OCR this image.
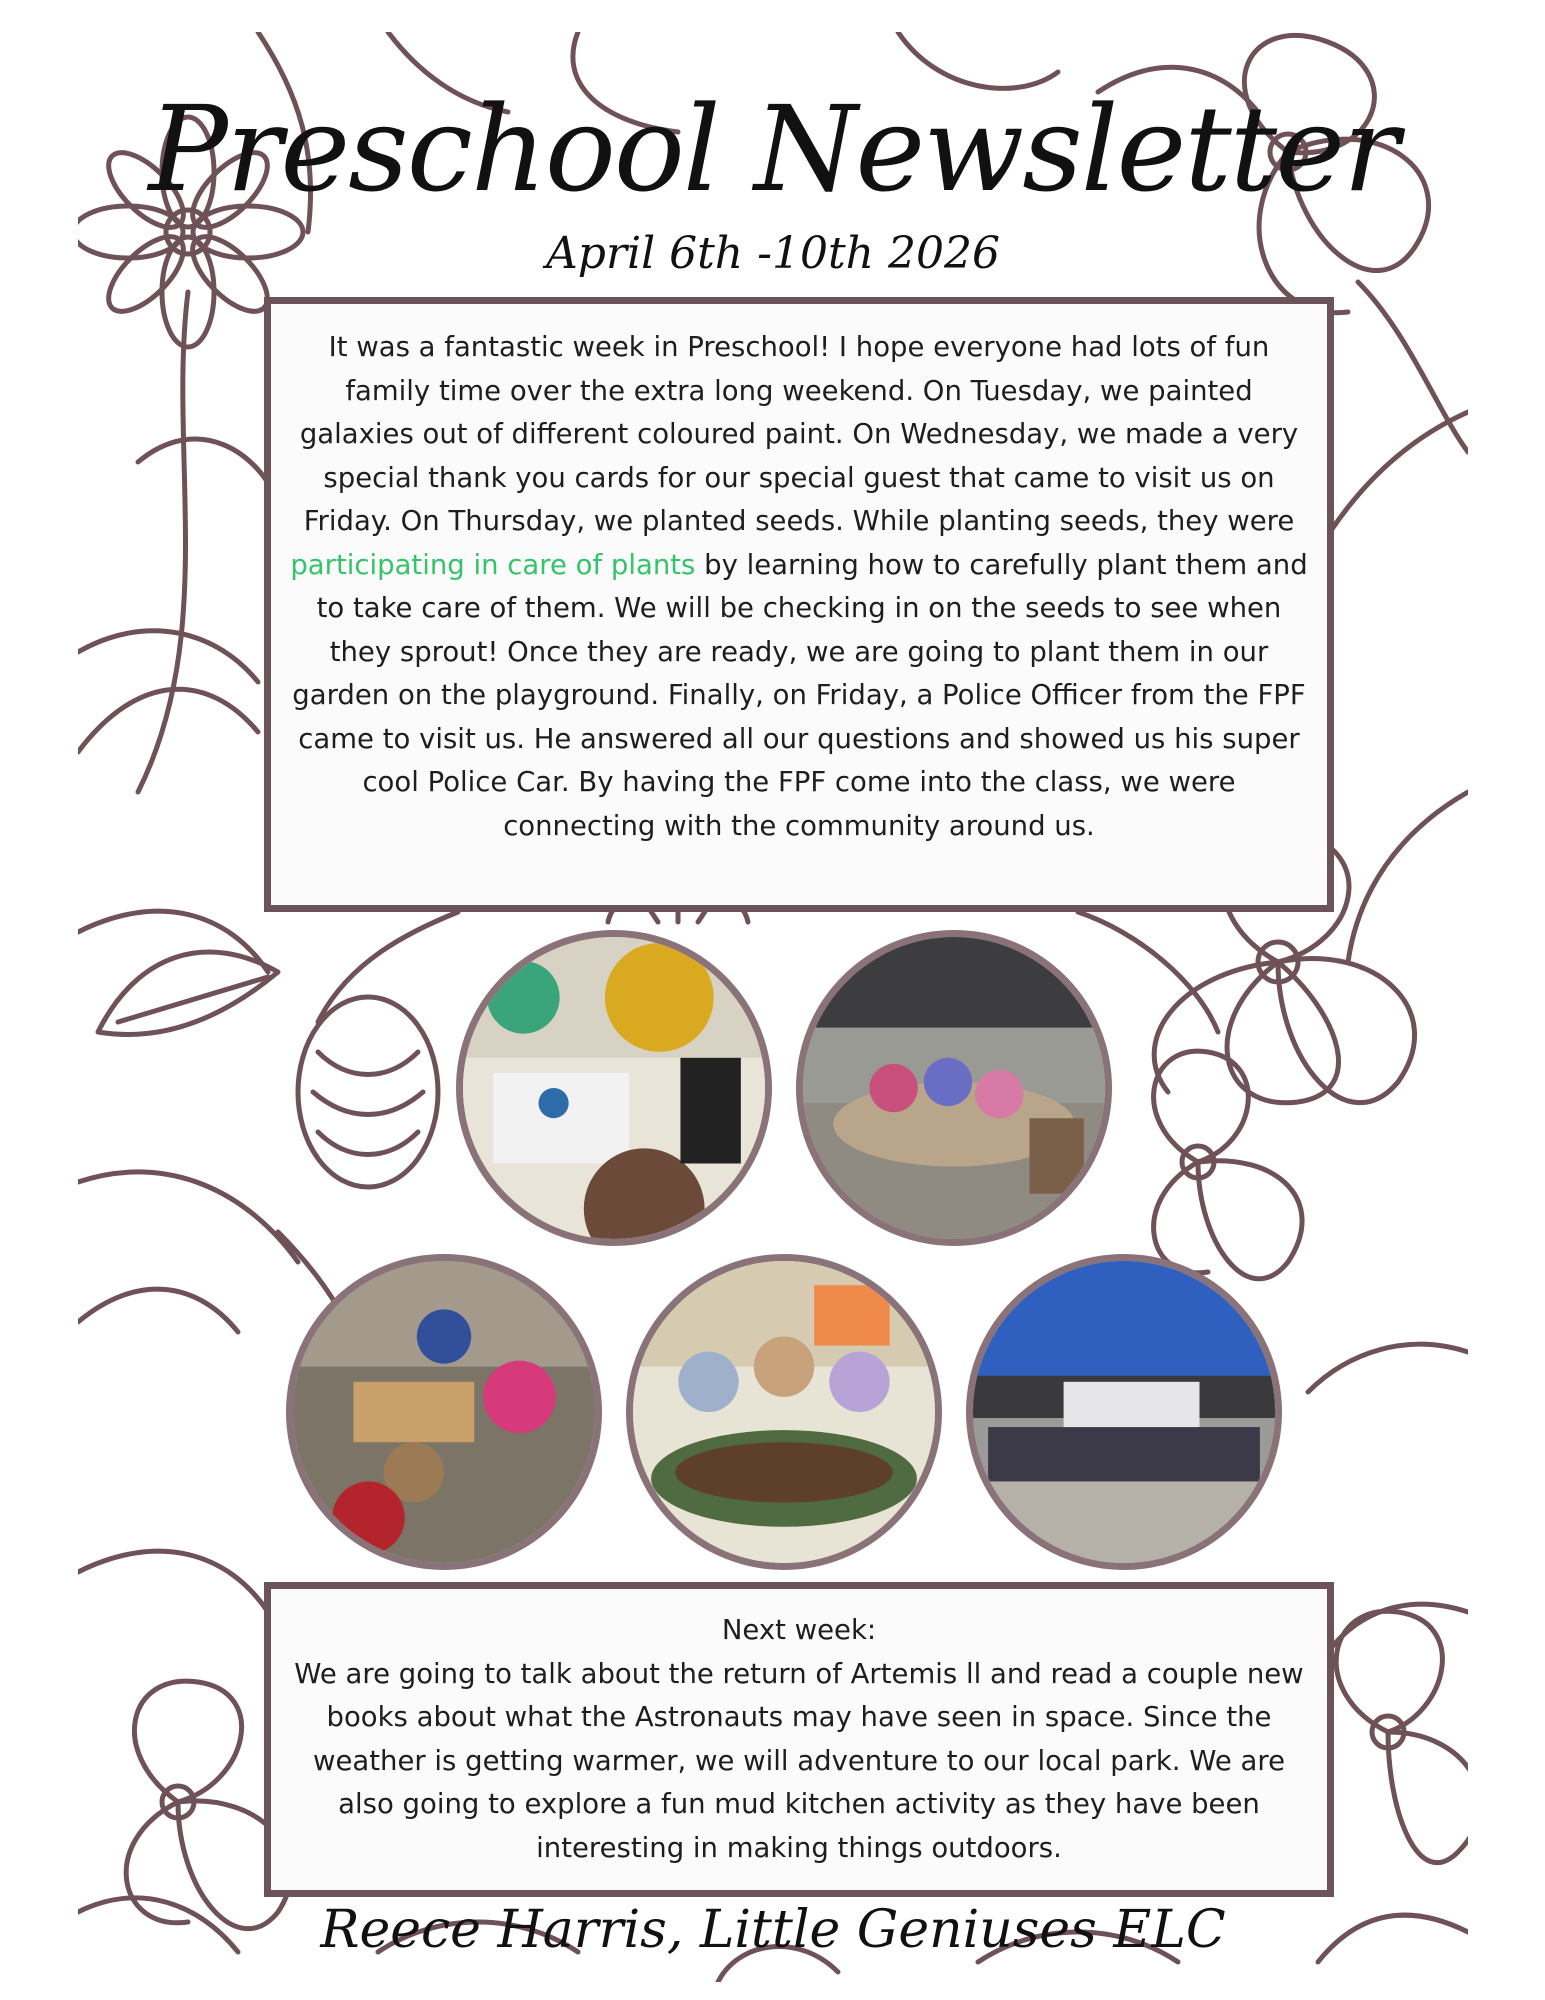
Preschool Newsletter
April 6th -10th 2026
It was a fantastic week in Preschool! I hope everyone had lots of fun family time over the extra long weekend. On Tuesday, we painted galaxies out of different coloured paint. On Wednesday, we made a very special thank you cards for our special guest that came to visit us on Friday. On Thursday, we planted seeds. While planting seeds, they were participating in care of plants by learning how to carefully plant them and to take care of them. We will be checking in on the seeds to see when they sprout! Once they are ready, we are going to plant them in our garden on the playground. Finally, on Friday, a Police Officer from the FPF came to visit us. He answered all our questions and showed us his super cool Police Car. By having the FPF come into the class, we were connecting with the community around us.
Next week:
We are going to talk about the return of Artemis ll and read a couple new books about what the Astronauts may have seen in space. Since the weather is getting warmer, we will adventure to our local park. We are also going to explore a fun mud kitchen activity as they have been interesting in making things outdoors.
Reece Harris, Little Geniuses ELC
